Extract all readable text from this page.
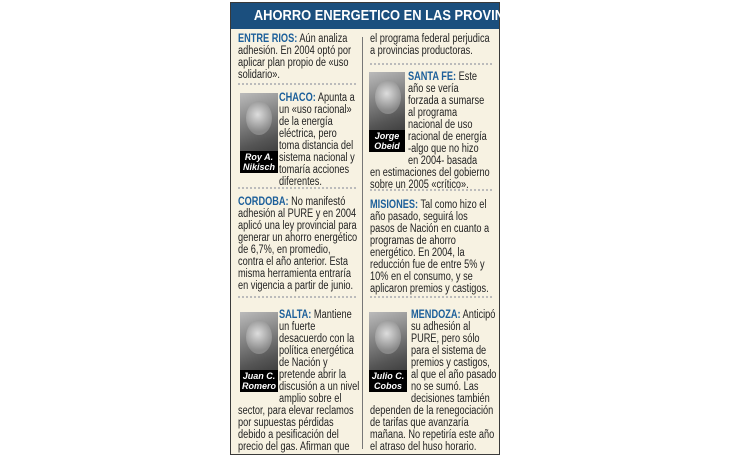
AHORRO ENERGETICO EN LAS PROVINCIAS
ENTRE RIOS: Aún analiza
adhesión. En 2004 optó por
aplicar plan propio de «uso
solidario».
Roy A.
Nikisch
CHACO: Apunta a
un «uso racional»
de la energía
eléctrica, pero
toma distancia del
sistema nacional y
tomaría acciones
diferentes.
CORDOBA: No manifestó
adhesión al PURE y en 2004
aplicó una ley provincial para
generar un ahorro energético
de 6,7%, en promedio,
contra el año anterior. Esta
misma herramienta entraría
en vigencia a partir de junio.
Juan C.
Romero
SALTA: Mantiene
un fuerte
desacuerdo con la
política energética
de Nación y
pretende abrir la
discusión a un nivel
amplio sobre el
sector, para elevar reclamos
por supuestas pérdidas
debido a pesificación del
precio del gas. Afirman que
el programa federal perjudica
a provincias productoras.
Jorge
Obeid
SANTA FE: Este
año se vería
forzada a sumarse
al programa
nacional de uso
racional de energía
-algo que no hizo
en 2004- basada
en estimaciones del gobierno
sobre un 2005 «crítico».
MISIONES: Tal como hizo el
año pasado, seguirá los
pasos de Nación en cuanto a
programas de ahorro
energético. En 2004, la
reducción fue de entre 5% y
10% en el consumo, y se
aplicaron premios y castigos.
Julio C.
Cobos
MENDOZA: Anticipó
su adhesión al
PURE, pero sólo
para el sistema de
premios y castigos,
al que el año pasado
no se sumó. Las
decisiones también
dependen de la renegociación
de tarifas que avanzaría
mañana. No repetiría este año
el atraso del huso horario.
